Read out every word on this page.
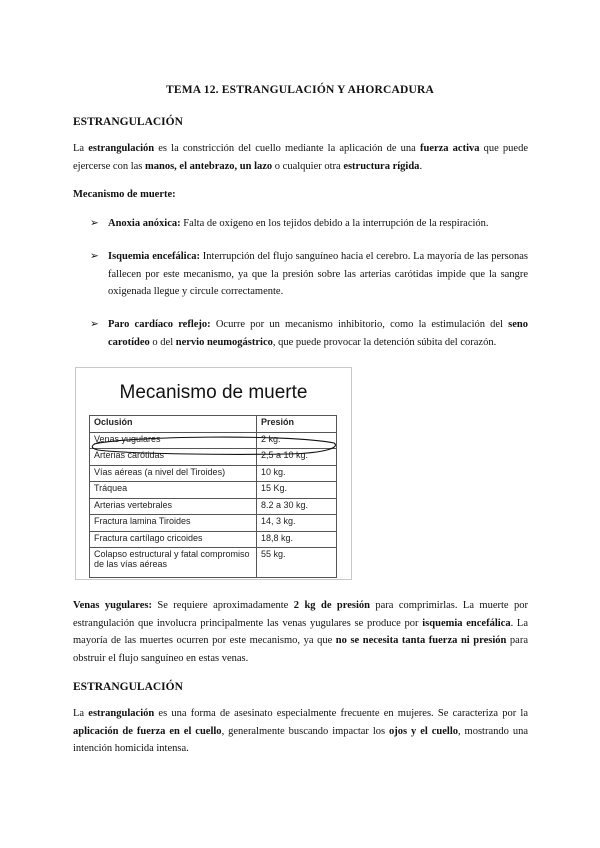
TEMA 12. ESTRANGULACIÓN Y AHORCADURA
ESTRANGULACIÓN

La estrangulación es la constricción del cuello mediante la aplicación de una fuerza activa que puede ejercerse con las manos, el antebrazo, un lazo o cualquier otra estructura rígida.

Mecanismo de muerte:
➢ Anoxia anóxica: Falta de oxígeno en los tejidos debido a la interrupción de la respiración.

➢ Isquemia encefálica: Interrupción del flujo sanguíneo hacia el cerebro. La mayoría de las personas fallecen por este mecanismo, ya que la presión sobre las arterias carótidas impide que la sangre oxigenada llegue y circule correctamente.

➢ Paro cardíaco reflejo: Ocurre por un mecanismo inhibitorio, como la estimulación del seno carotídeo o del nervio neumogástrico, que puede provocar la detención súbita del corazón.

Mecanismo de muerte
Oclusión	Presión
Venas yugulares	2 kg.
Arterias carótidas	2,5 a 10 kg.
Vías aéreas (a nivel del Tiroides)	10 kg.
Tráquea	15 Kg.
Arterias vertebrales	8.2 a 30 kg.
Fractura lamina Tiroides	14, 3 kg.
Fractura cartílago cricoides	18,8 kg.
Colapso estructural y fatal compromiso de las vías aéreas	55 kg.

Venas yugulares: Se requiere aproximadamente 2 kg de presión para comprimirlas. La muerte por estrangulación que involucra principalmente las venas yugulares se produce por isquemia encefálica. La mayoría de las muertes ocurren por este mecanismo, ya que no se necesita tanta fuerza ni presión para obstruir el flujo sanguíneo en estas venas.

ESTRANGULACIÓN

La estrangulación es una forma de asesinato especialmente frecuente en mujeres. Se caracteriza por la aplicación de fuerza en el cuello, generalmente buscando impactar los ojos y el cuello, mostrando una intención homicida intensa.
